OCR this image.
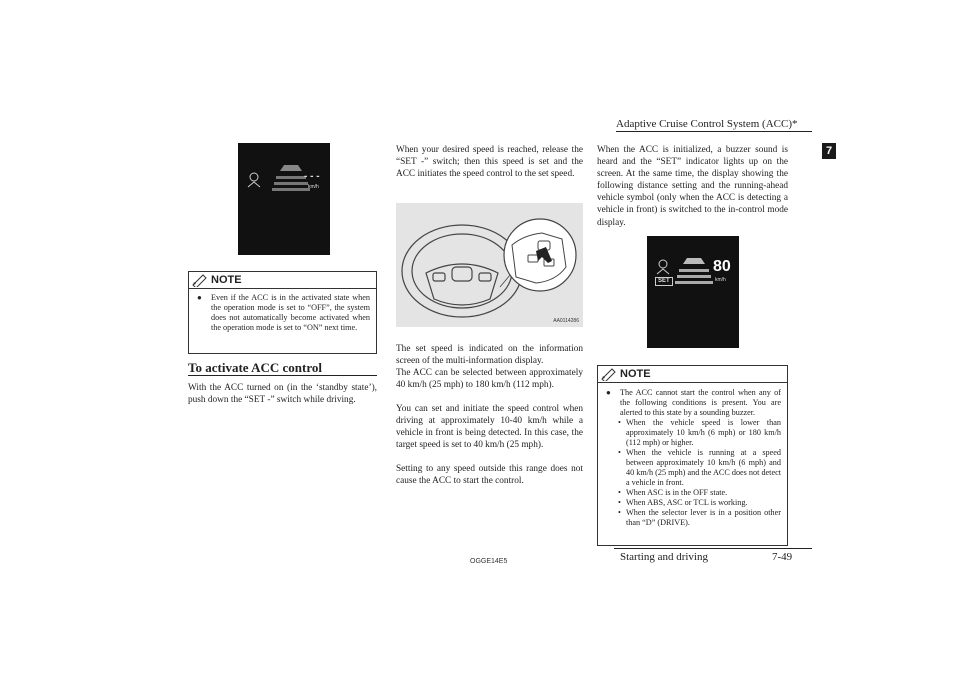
Adaptive Cruise Control System (ACC)*
7
- - -
km/h
NOTE
● Even if the ACC is in the activated state when the operation mode is set to “OFF”, the system does not automatically become activated when the operation mode is set to “ON” next time.
To activate ACC control

With the ACC turned on (in the ‘standby state’), push down the “SET -” switch while driving.

When your desired speed is reached, release the “SET -” switch; then this speed is set and the ACC initiates the speed control to the set speed.

AA0114286

The set speed is indicated on the information screen of the multi-information display.

The ACC can be selected between approximately 40 km/h (25 mph) to 180 km/h (112 mph).

You can set and initiate the speed control when driving at approximately 10-40 km/h while a vehicle in front is being detected. In this case, the target speed is set to 40 km/h (25 mph).

Setting to any speed outside this range does not cause the ACC to start the control.

When the ACC is initialized, a buzzer sound is heard and the “SET” indicator lights up on the screen. At the same time, the display showing the following distance setting and the running-ahead vehicle symbol (only when the ACC is detecting a vehicle in front) is switched to the in-control mode display.

SET
80
km/h
NOTE
● The ACC cannot start the control when any of the following conditions is present. You are alerted to this state by a sounding buzzer.
• When the vehicle speed is lower than approximately 10 km/h (6 mph) or 180 km/h (112 mph) or higher.
• When the vehicle is running at a speed between approximately 10 km/h (6 mph) and 40 km/h (25 mph) and the ACC does not detect a vehicle in front.
• When ASC is in the OFF state.
• When ABS, ASC or TCL is working.
• When the selector lever is in a position other than “D” (DRIVE).
OGGE14E5	Starting and driving	7-49
